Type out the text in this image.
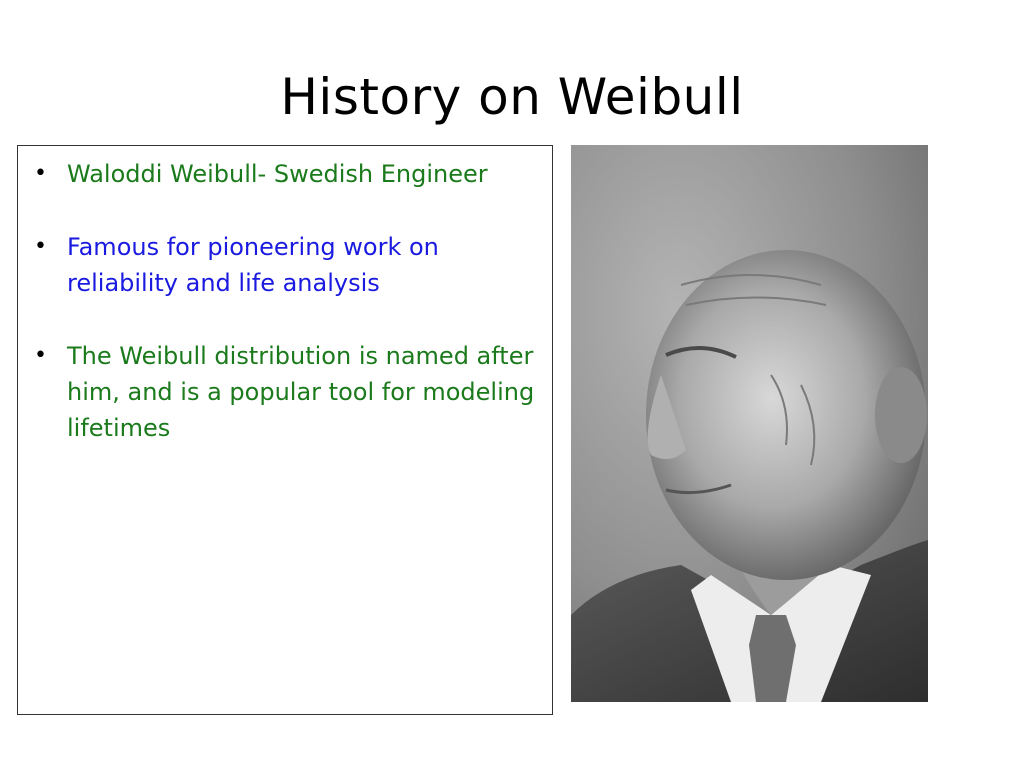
History on Weibull
• Waloddi Weibull- Swedish Engineer
• Famous for pioneering work on reliability and life analysis
• The Weibull distribution is named after him, and is a popular tool for modeling lifetimes
